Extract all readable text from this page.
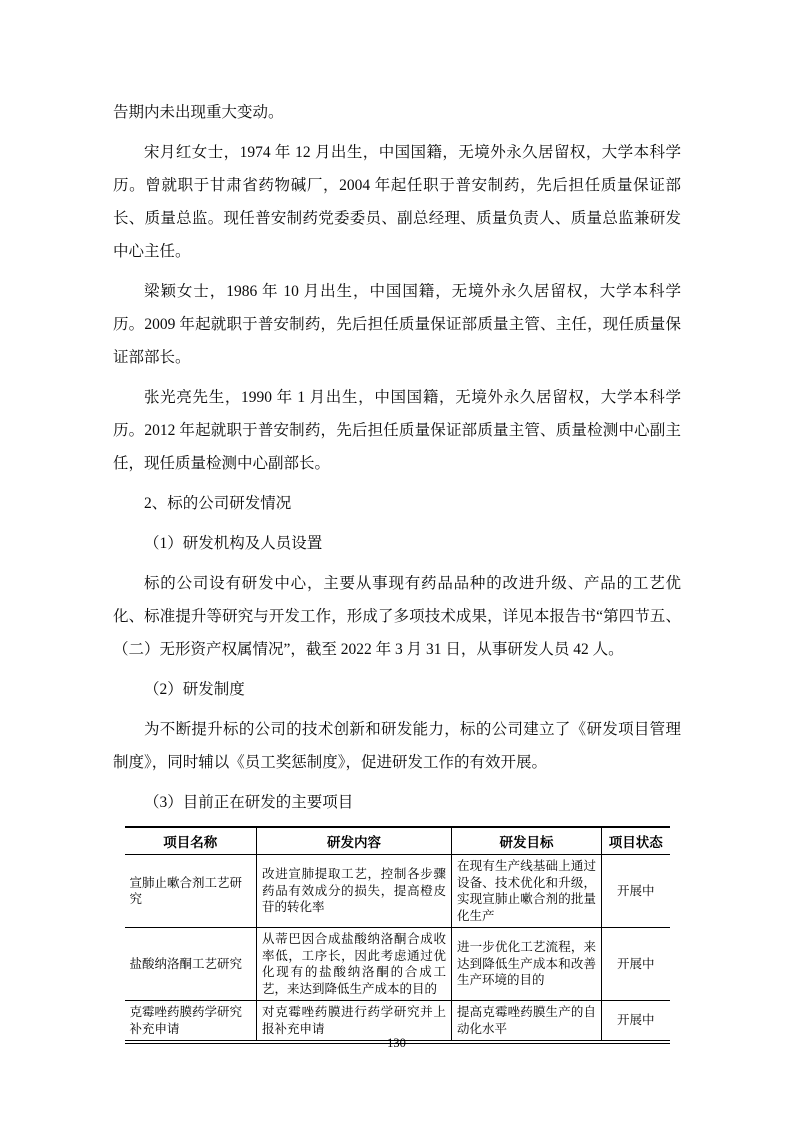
告期内未出现重大变动。

宋月红女士，1974 年 12 月出生，中国国籍，无境外永久居留权，大学本科学历。曾就职于甘肃省药物碱厂，2004 年起任职于普安制药，先后担任质量保证部长、质量总监。现任普安制药党委委员、副总经理、质量负责人、质量总监兼研发中心主任。

梁颖女士，1986 年 10 月出生，中国国籍，无境外永久居留权，大学本科学历。2009 年起就职于普安制药，先后担任质量保证部质量主管、主任，现任质量保证部部长。

张光亮先生，1990 年 1 月出生，中国国籍，无境外永久居留权，大学本科学历。2012 年起就职于普安制药，先后担任质量保证部质量主管、质量检测中心副主任，现任质量检测中心副部长。

2、标的公司研发情况

（1）研发机构及人员设置

标的公司设有研发中心，主要从事现有药品品种的改进升级、产品的工艺优化、标准提升等研究与开发工作，形成了多项技术成果，详见本报告书“第四节五、（二）无形资产权属情况”，截至 2022 年 3 月 31 日，从事研发人员 42 人。

（2）研发制度

为不断提升标的公司的技术创新和研发能力，标的公司建立了《研发项目管理制度》，同时辅以《员工奖惩制度》，促进研发工作的有效开展。

（3）目前正在研发的主要项目

项目名称	研发内容	研发目标	项目状态
宣肺止嗽合剂工艺研究	改进宣肺提取工艺，控制各步骤药品有效成分的损失，提高橙皮苷的转化率	在现有生产线基础上通过设备、技术优化和升级，实现宣肺止嗽合剂的批量化生产	开展中
盐酸纳洛酮工艺研究	从蒂巴因合成盐酸纳洛酮合成收率低，工序长，因此考虑通过优化现有的盐酸纳洛酮的合成工艺，来达到降低生产成本的目的	进一步优化工艺流程，来达到降低生产成本和改善生产环境的目的	开展中
克霉唑药膜药学研究补充申请	对克霉唑药膜进行药学研究并上报补充申请	提高克霉唑药膜生产的自动化水平	开展中
130
